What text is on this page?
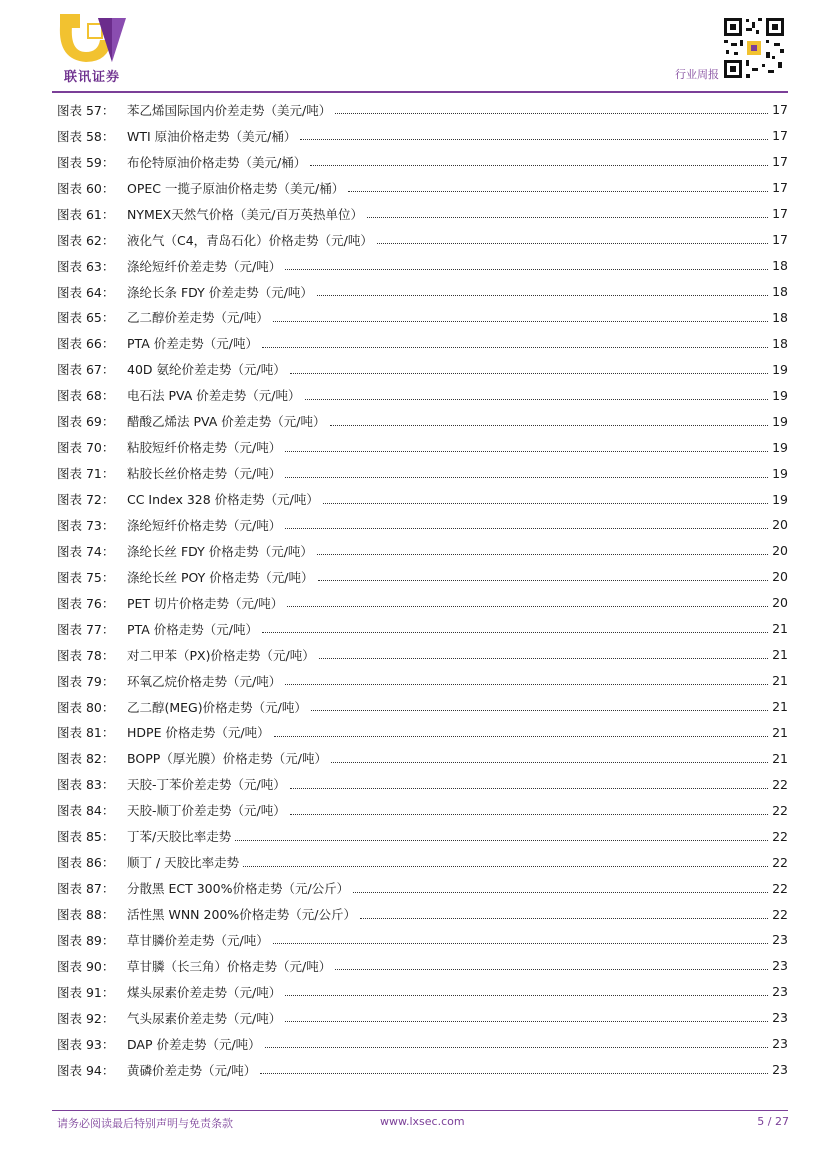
联讯证券	行业周报
图表 57：	苯乙烯国际国内价差走势（美元/吨）	17
图表 58：	WTI 原油价格走势（美元/桶）	17
图表 59：	布伦特原油价格走势（美元/桶）	17
图表 60：	OPEC 一揽子原油价格走势（美元/桶）	17
图表 61：	NYMEX天然气价格（美元/百万英热单位）	17
图表 62：	液化气（C4，青岛石化）价格走势（元/吨）	17
图表 63：	涤纶短纤价差走势（元/吨）	18
图表 64：	涤纶长条 FDY 价差走势（元/吨）	18
图表 65：	乙二醇价差走势（元/吨）	18
图表 66：	PTA 价差走势（元/吨）	18
图表 67：	40D 氨纶价差走势（元/吨）	19
图表 68：	电石法 PVA 价差走势（元/吨）	19
图表 69：	醋酸乙烯法 PVA 价差走势（元/吨）	19
图表 70：	粘胶短纤价格走势（元/吨）	19
图表 71：	粘胶长丝价格走势（元/吨）	19
图表 72：	CC Index 328 价格走势（元/吨）	19
图表 73：	涤纶短纤价格走势（元/吨）	20
图表 74：	涤纶长丝 FDY 价格走势（元/吨）	20
图表 75：	涤纶长丝 POY 价格走势（元/吨）	20
图表 76：	PET 切片价格走势（元/吨）	20
图表 77：	PTA 价格走势（元/吨）	21
图表 78：	对二甲苯（PX)价格走势（元/吨）	21
图表 79：	环氧乙烷价格走势（元/吨）	21
图表 80：	乙二醇(MEG)价格走势（元/吨）	21
图表 81：	HDPE 价格走势（元/吨）	21
图表 82：	BOPP（厚光膜）价格走势（元/吨）	21
图表 83：	天胶-丁苯价差走势（元/吨）	22
图表 84：	天胶-顺丁价差走势（元/吨）	22
图表 85：	丁苯/天胶比率走势	22
图表 86：	顺丁 / 天胶比率走势	22
图表 87：	分散黑 ECT 300%价格走势（元/公斤）	22
图表 88：	活性黑 WNN 200%价格走势（元/公斤）	22
图表 89：	草甘膦价差走势（元/吨）	23
图表 90：	草甘膦（长三角）价格走势（元/吨）	23
图表 91：	煤头尿素价差走势（元/吨）	23
图表 92：	气头尿素价差走势（元/吨）	23
图表 93：	DAP 价差走势（元/吨）	23
图表 94：	黄磷价差走势（元/吨）	23
请务必阅读最后特别声明与免责条款	www.lxsec.com	5 / 27
